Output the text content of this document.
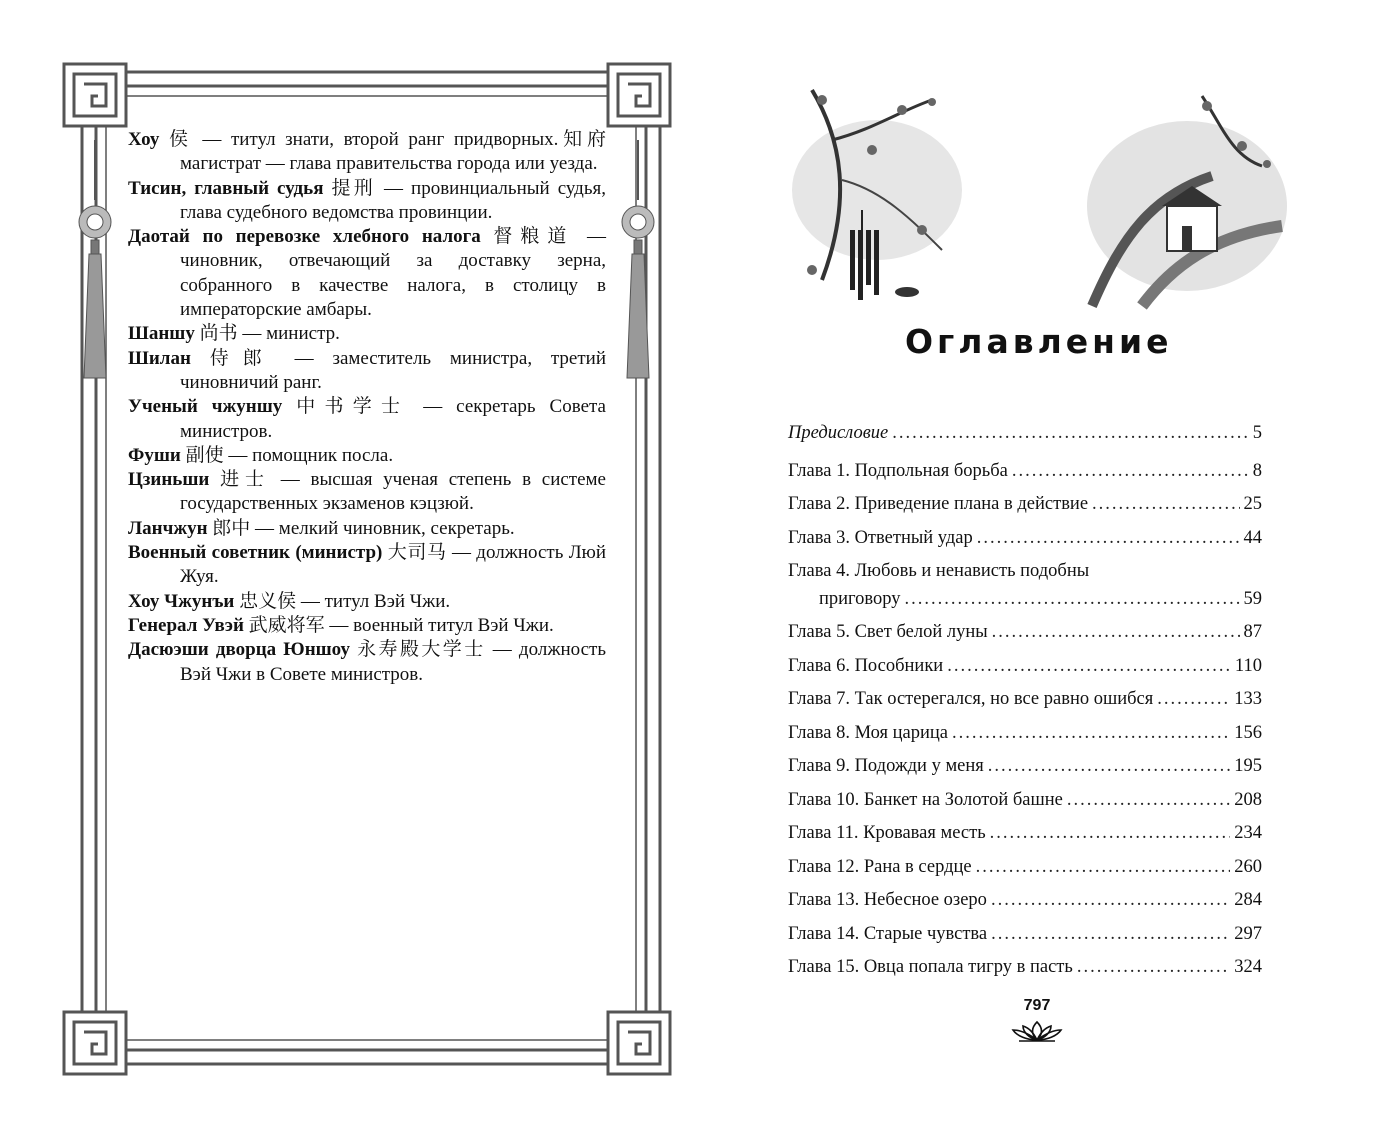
Хоу 侯 — титул знати, второй ранг придворных.知府 магистрат — глава правительства города или уезда.

Тисин, главный судья 提刑 — провинциальный судья, глава судебного ведомства провинции.

Даотай по перевозке хлебного налога 督粮道 — чиновник, отвечающий за доставку зерна, собранного в качестве налога, в столицу в императорские амбары.

Шаншу 尚书 — министр.

Шилан 侍郎 — заместитель министра, третий чиновничий ранг.

Ученый чжуншу 中书学士 — секретарь Совета министров.

Фуши 副使 — помощник посла.

Цзиньши 进士 — высшая ученая степень в системе государственных экзаменов кэцзюй.

Ланчжун 郎中 — мелкий чиновник, секретарь.

Военный советник (министр) 大司马 — должность Люй Жуя.

Хоу Чжунъи 忠义侯 — титул Вэй Чжи.

Генерал Увэй 武威将军 — военный титул Вэй Чжи.

Дасюэши дворца Юншоу 永寿殿大学士 — должность Вэй Чжи в Совете министров.

Оглавление
Предисловие .....	5
Глава 1. Подпольная борьба .....	8
Глава 2. Приведение плана в действие .....	25
Глава 3. Ответный удар .....	44
Глава 4. Любовь и ненависть подобны
приговору .....	59
Глава 5. Свет белой луны .....	87
Глава 6. Пособники .....	110
Глава 7. Так остерегался, но все равно ошибся .....	133
Глава 8. Моя царица .....	156
Глава 9. Подожди у меня .....	195
Глава 10. Банкет на Золотой башне .....	208
Глава 11. Кровавая месть .....	234
Глава 12. Рана в сердце .....	260
Глава 13. Небесное озеро .....	284
Глава 14. Старые чувства .....	297
Глава 15. Овца попала тигру в пасть .....	324
797
